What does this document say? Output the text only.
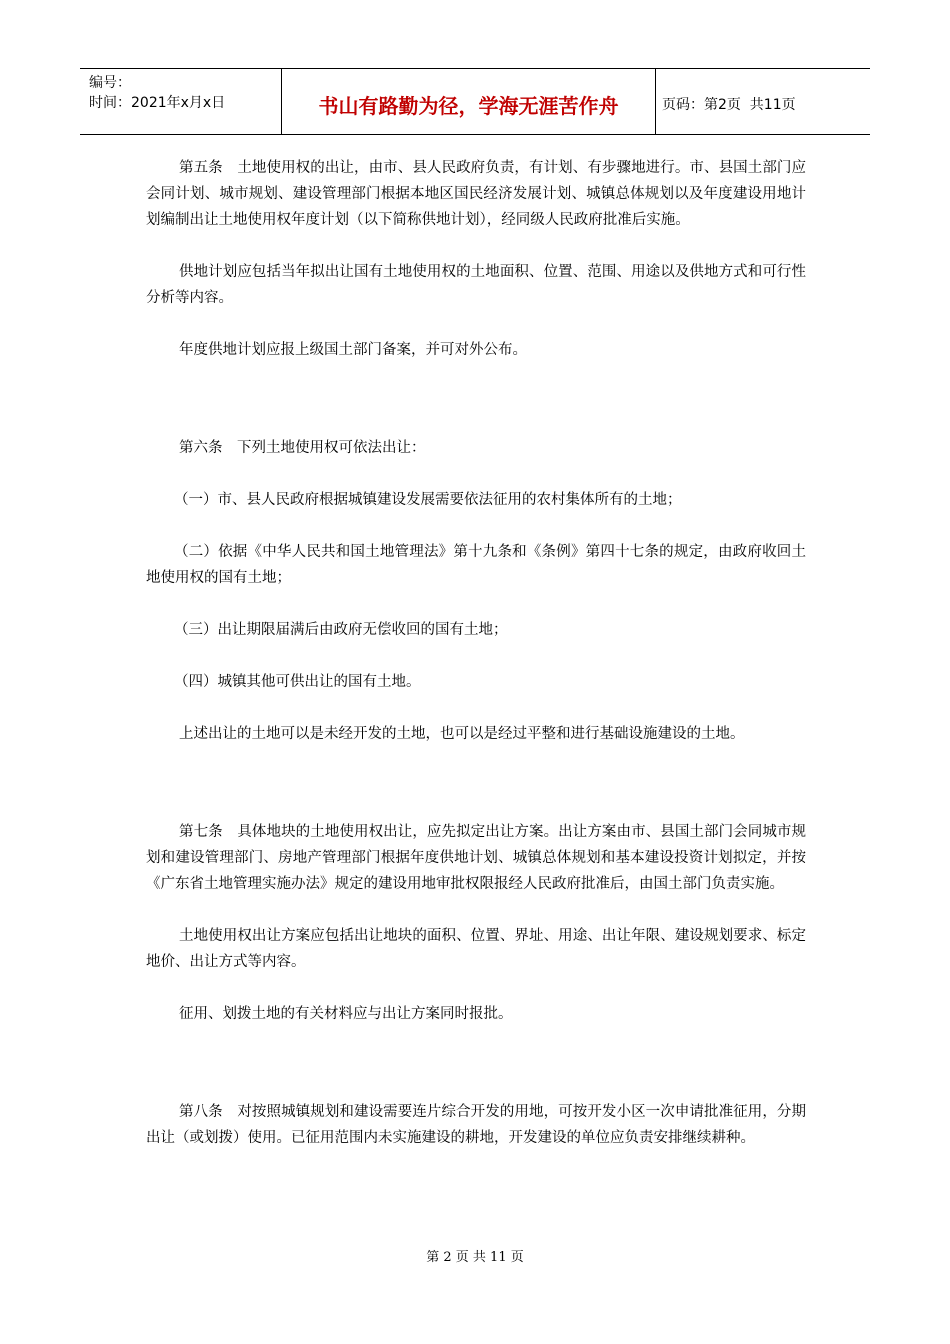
编号：
时间：2021年x月x日	书山有路勤为径，学海无涯苦作舟	页码：第2页  共11页

第五条　土地使用权的出让，由市、县人民政府负责，有计划、有步骤地进行。市、县国土部门应会同计划、城市规划、建设管理部门根据本地区国民经济发展计划、城镇总体规划以及年度建设用地计划编制出让土地使用权年度计划（以下简称供地计划），经同级人民政府批准后实施。

供地计划应包括当年拟出让国有土地使用权的土地面积、位置、范围、用途以及供地方式和可行性分析等内容。

年度供地计划应报上级国土部门备案，并可对外公布。

第六条　下列土地使用权可依法出让：

（一）市、县人民政府根据城镇建设发展需要依法征用的农村集体所有的土地；

（二）依据《中华人民共和国土地管理法》第十九条和《条例》第四十七条的规定，由政府收回土地使用权的国有土地；

（三）出让期限届满后由政府无偿收回的国有土地；

（四）城镇其他可供出让的国有土地。

上述出让的土地可以是未经开发的土地，也可以是经过平整和进行基础设施建设的土地。

第七条　具体地块的土地使用权出让，应先拟定出让方案。出让方案由市、县国土部门会同城市规划和建设管理部门、房地产管理部门根据年度供地计划、城镇总体规划和基本建设投资计划拟定，并按《广东省土地管理实施办法》规定的建设用地审批权限报经人民政府批准后，由国土部门负责实施。

土地使用权出让方案应包括出让地块的面积、位置、界址、用途、出让年限、建设规划要求、标定地价、出让方式等内容。

征用、划拨土地的有关材料应与出让方案同时报批。

第八条　对按照城镇规划和建设需要连片综合开发的用地，可按开发小区一次申请批准征用，分期出让（或划拨）使用。已征用范围内未实施建设的耕地，开发建设的单位应负责安排继续耕种。

第 2 页 共 11 页
